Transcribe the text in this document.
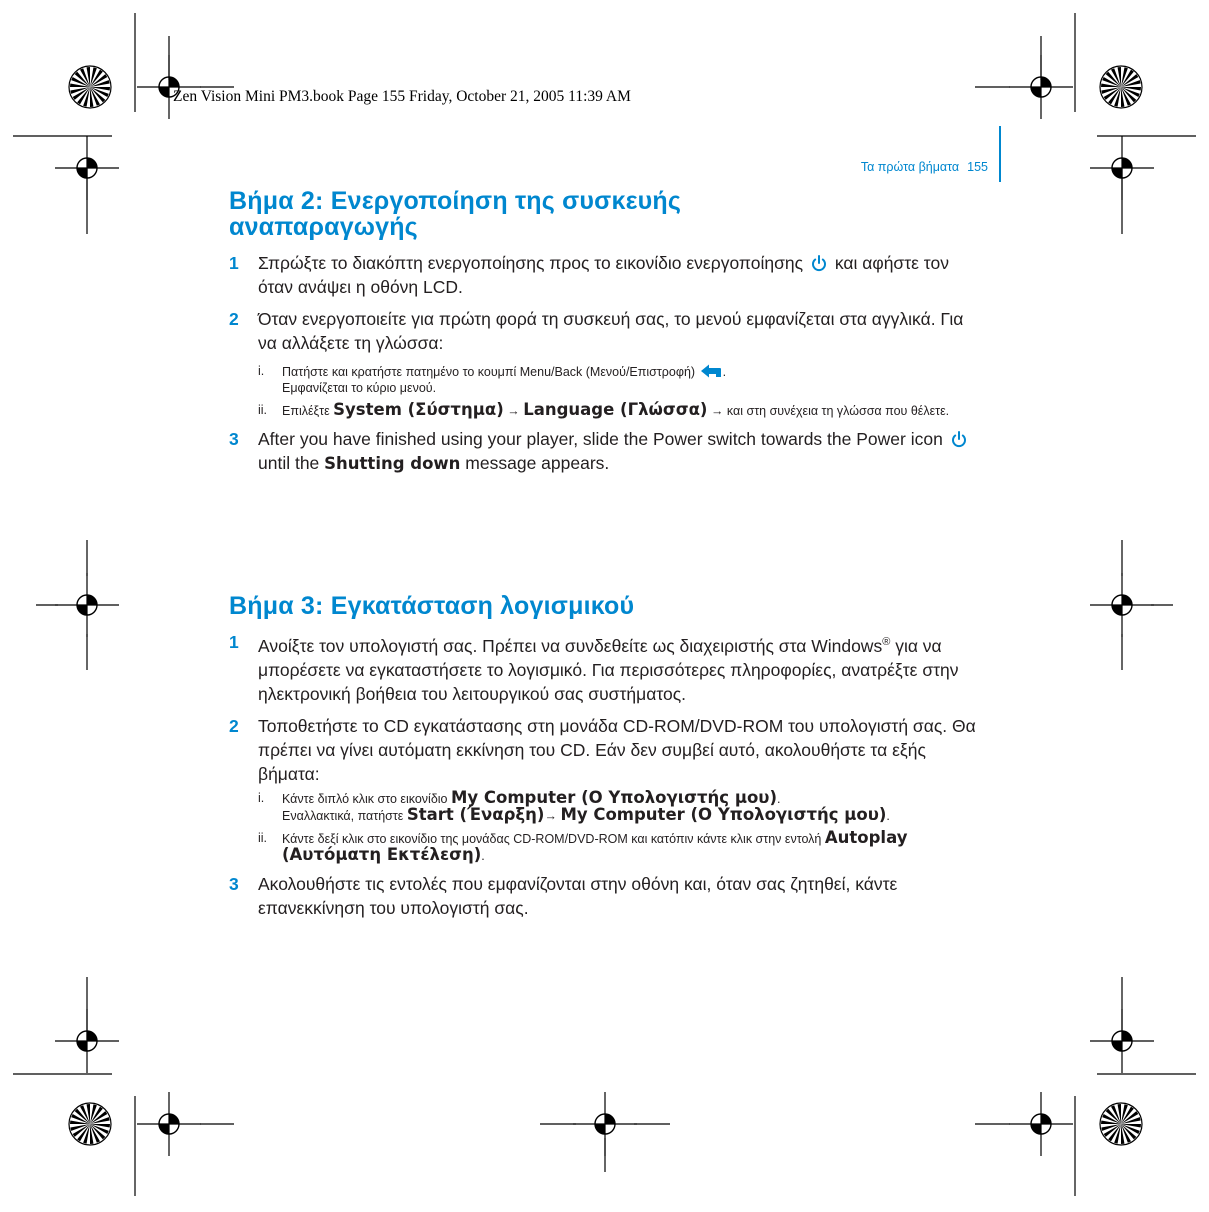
Zen Vision Mini PM3.book Page 155 Friday, October 21, 2005 11:39 AM

Τα πρώτα βήματα 155

Βήμα 2: Ενεργοποίηση της συσκευής αναπαραγωγής
1 Σπρώξτε το διακόπτη ενεργοποίησης προς το εικονίδιο ενεργοποίησης και αφήστε τον όταν ανάψει η οθόνη LCD.
2 Όταν ενεργοποιείτε για πρώτη φορά τη συσκευή σας, το μενού εμφανίζεται στα αγγλικά. Για να αλλάξετε τη γλώσσα:
i. Πατήστε και κρατήστε πατημένο το κουμπί Menu/Back (Μενού/Επιστροφή) .
Εμφανίζεται το κύριο μενού.
ii. Επιλέξτε System (Σύστημα) → Language (Γλώσσα) → και στη συνέχεια τη γλώσσα που θέλετε.
3 After you have finished using your player, slide the Power switch towards the Power icon  until the Shutting down message appears.
Βήμα 3: Εγκατάσταση λογισμικού
1 Ανοίξτε τον υπολογιστή σας. Πρέπει να συνδεθείτε ως διαχειριστής στα Windows® για να μπορέσετε να εγκαταστήσετε το λογισμικό. Για περισσότερες πληροφορίες, ανατρέξτε στην ηλεκτρονική βοήθεια του λειτουργικού σας συστήματος.
2 Τοποθετήστε το CD εγκατάστασης στη μονάδα CD-ROM/DVD-ROM του υπολογιστή σας. Θα πρέπει να γίνει αυτόματη εκκίνηση του CD. Εάν δεν συμβεί αυτό, ακολουθήστε τα εξής βήματα:
i. Κάντε διπλό κλικ στο εικονίδιο My Computer (Ο Υπολογιστής μου).
Εναλλακτικά, πατήστε Start (Έναρξη)→ My Computer (Ο Υπολογιστής μου).
ii. Κάντε δεξί κλικ στο εικονίδιο της μονάδας CD-ROM/DVD-ROM και κατόπιν κάντε κλικ στην εντολή Autoplay (Αυτόματη Εκτέλεση).
3 Ακολουθήστε τις εντολές που εμφανίζονται στην οθόνη και, όταν σας ζητηθεί, κάντε επανεκκίνηση του υπολογιστή σας.
